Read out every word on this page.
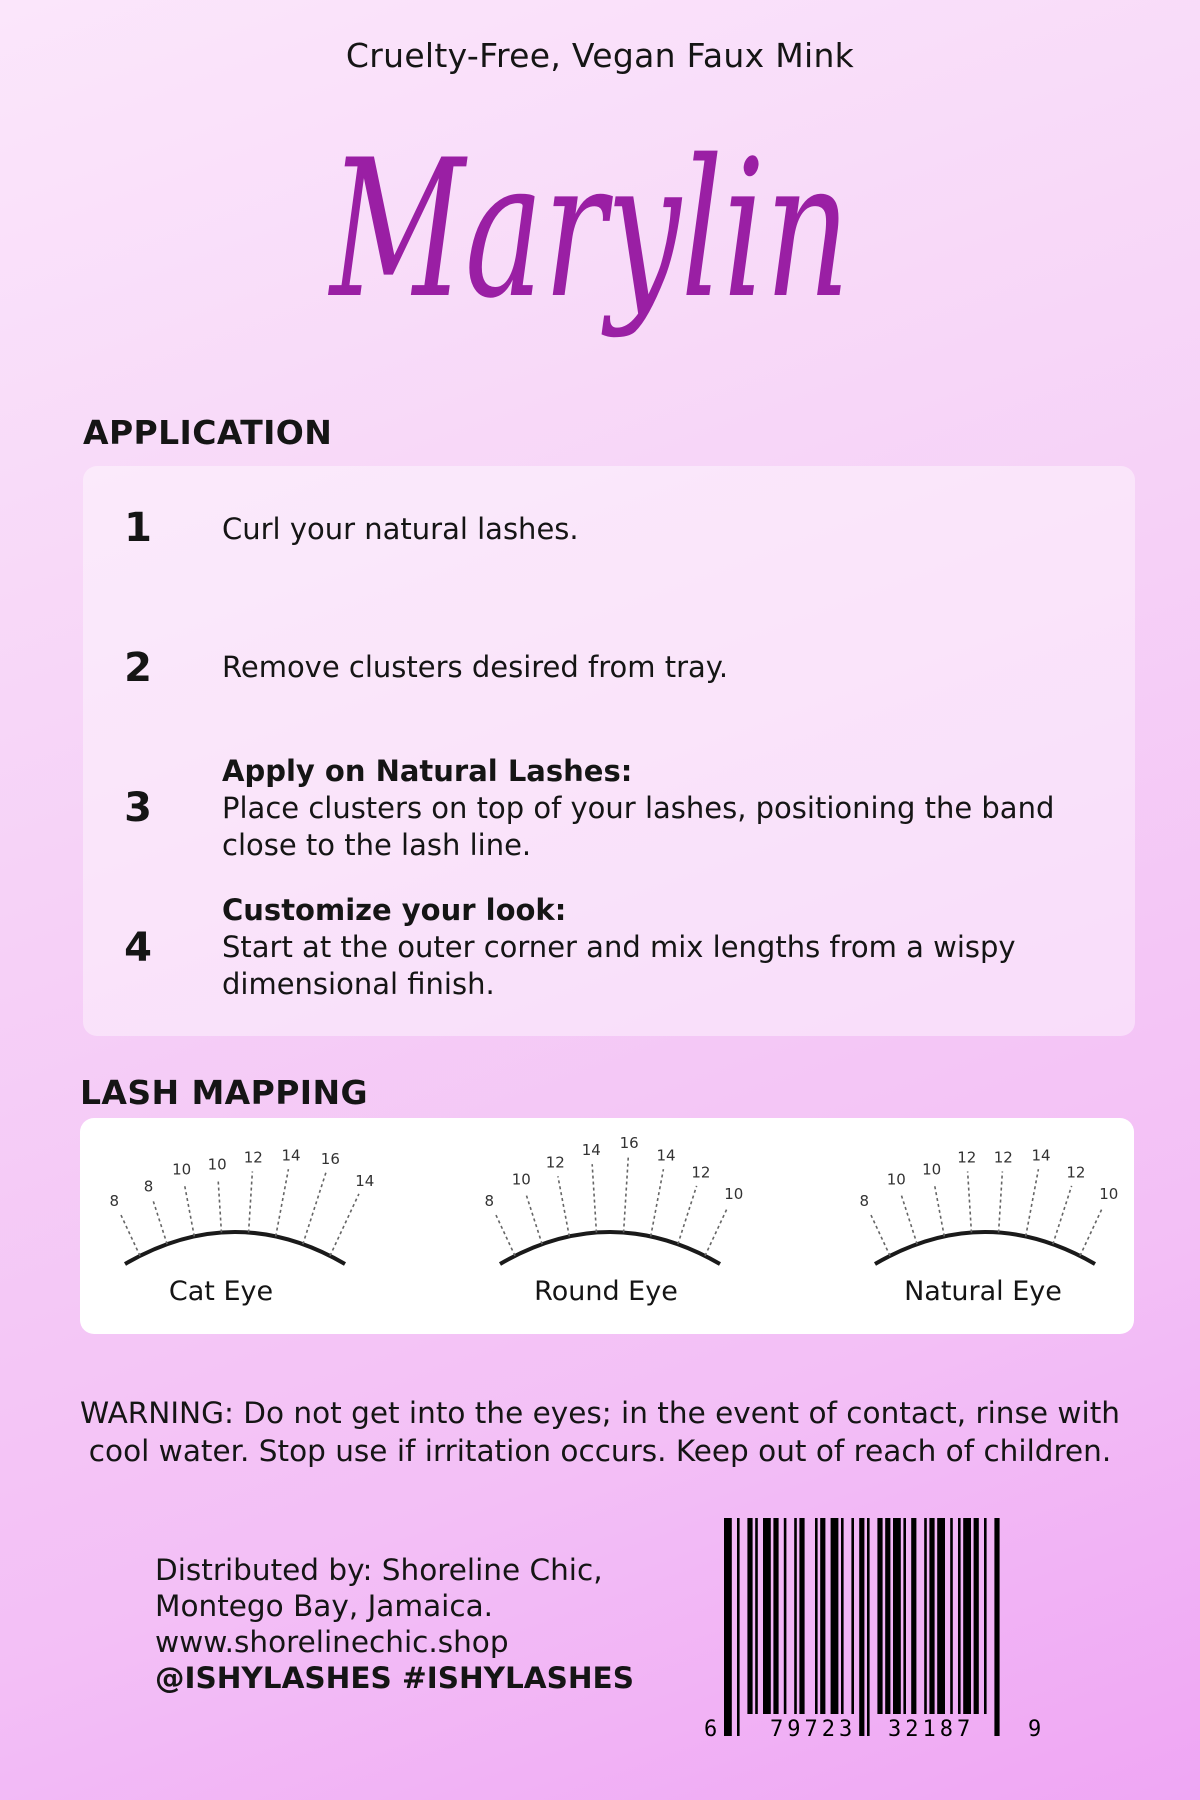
Cruelty-Free, Vegan Faux Mink
Marylin
APPLICATION
1	Curl your natural lashes.
2	Remove clusters desired from tray.
3
Apply on Natural Lashes:
Place clusters on top of your lashes, positioning the band close to the lash line.
4
Customize your look:
Start at the outer corner and mix lengths from a wispy dimensional finish.
LASH MAPPING
8
8
10 10 12 14 16
14
8
10
12
14 16
14
12
10	8
10
10
12 12 14
12
10
Cat Eye	Round Eye	Natural Eye
WARNING: Do not get into the eyes; in the event of contact, rinse with
cool water. Stop use if irritation occurs. Keep out of reach of children.
Distributed by: Shoreline Chic,
Montego Bay, Jamaica.
www.shorelinechic.shop
@ISHYLASHES #ISHYLASHES
6 79723 32187 9
